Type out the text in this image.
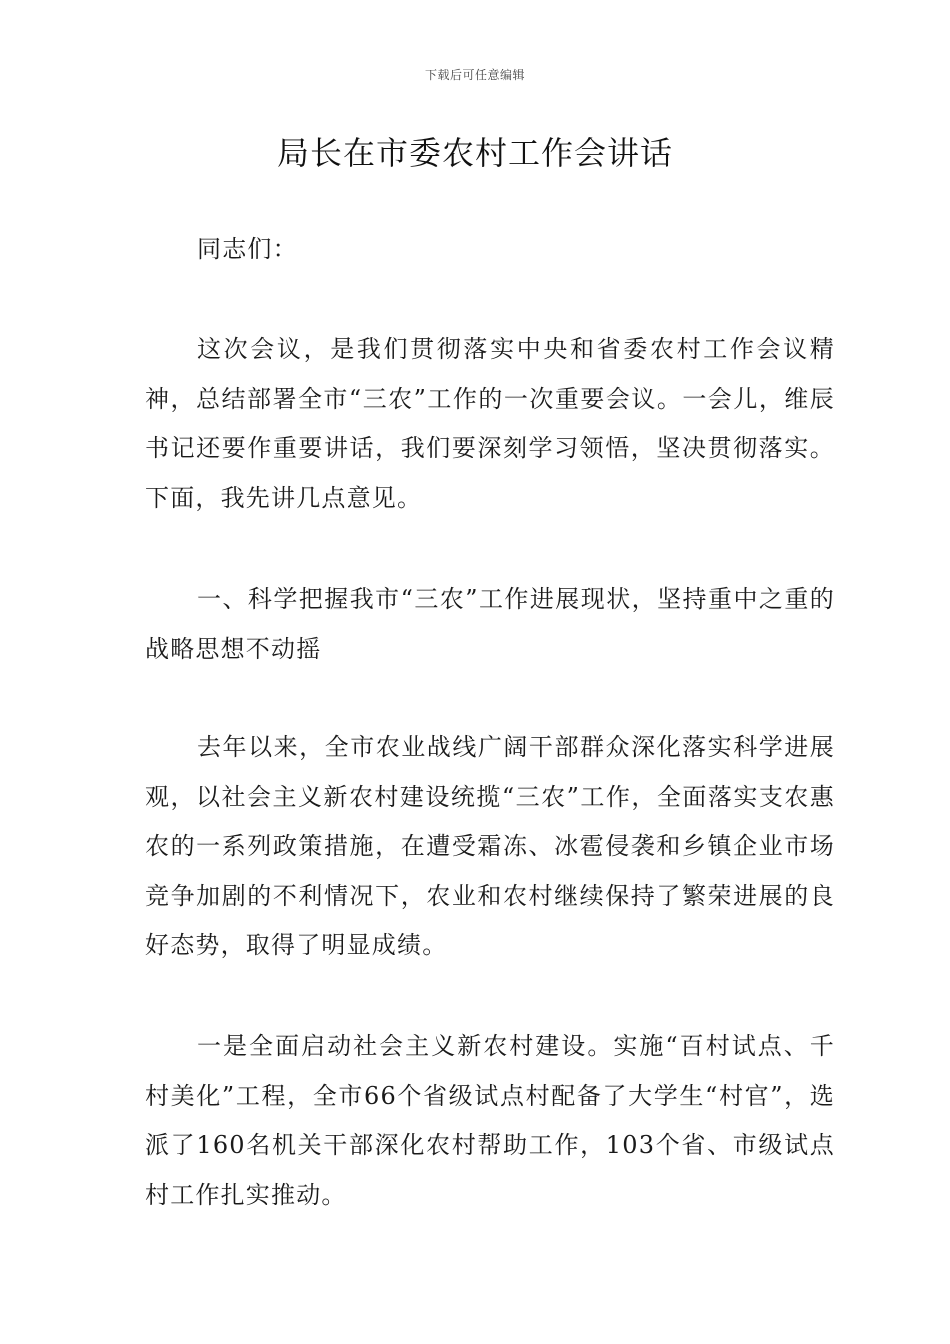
下载后可任意编辑
局长在市委农村工作会讲话
同志们：
这次会议，是我们贯彻落实中央和省委农村工作会议精神，总结部署全市“三农”工作的一次重要会议。一会儿，维辰书记还要作重要讲话，我们要深刻学习领悟，坚决贯彻落实。下面，我先讲几点意见。
一、科学把握我市“三农”工作进展现状，坚持重中之重的战略思想不动摇
去年以来，全市农业战线广阔干部群众深化落实科学进展观，以社会主义新农村建设统揽“三农”工作，全面落实支农惠农的一系列政策措施，在遭受霜冻、冰雹侵袭和乡镇企业市场竞争加剧的不利情况下，农业和农村继续保持了繁荣进展的良好态势，取得了明显成绩。
一是全面启动社会主义新农村建设。实施“百村试点、千村美化”工程，全市66个省级试点村配备了大学生“村官”，选派了160名机关干部深化农村帮助工作，103个省、市级试点村工作扎实推动。
